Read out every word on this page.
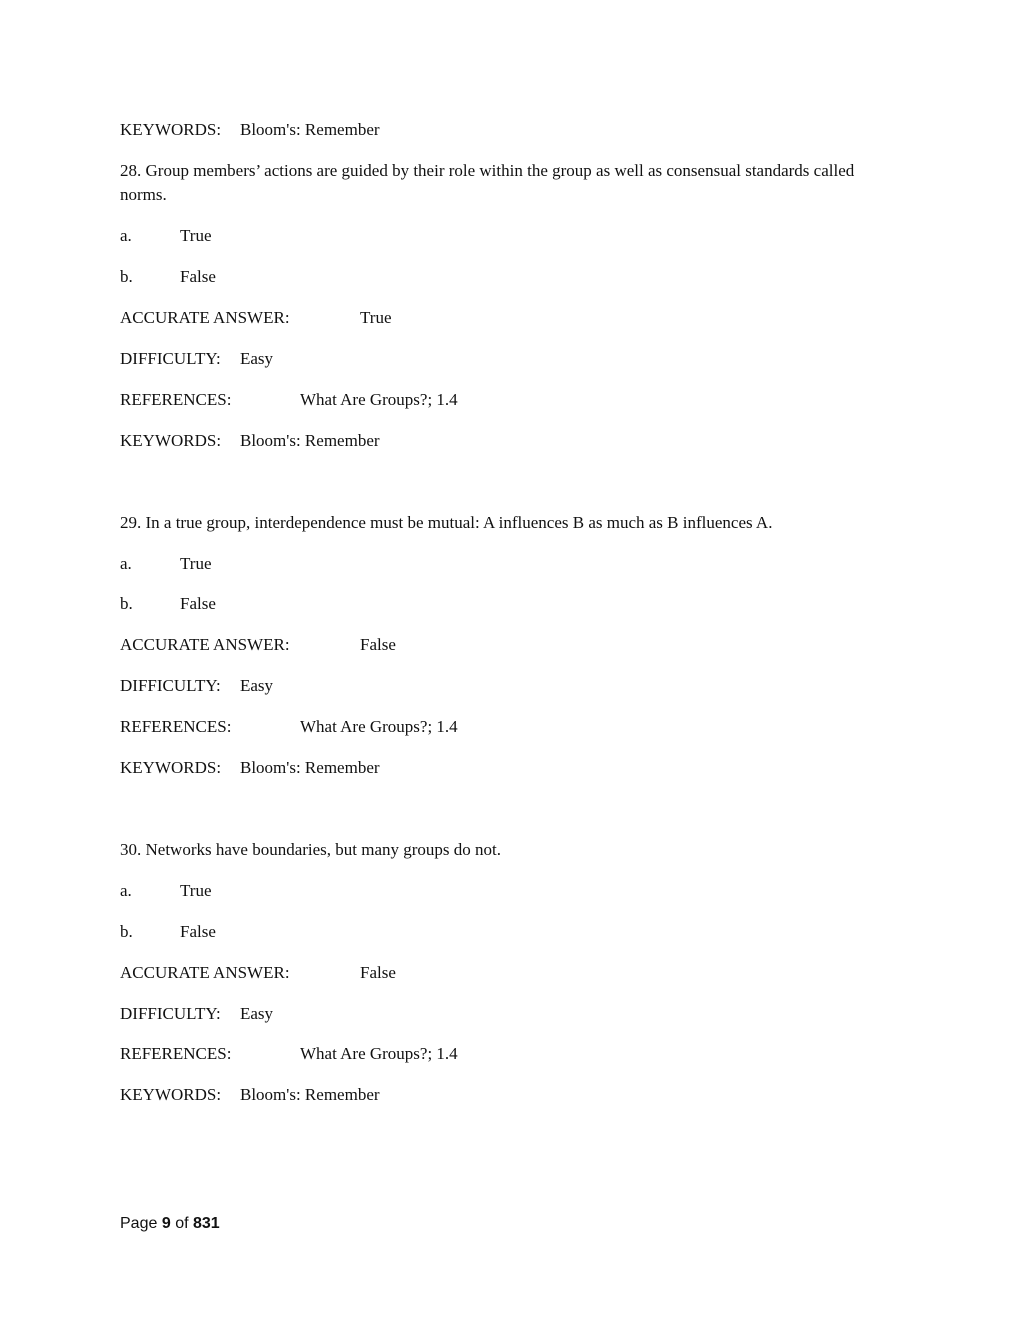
KEYWORDS: Bloom's: Remember
28. Group members’ actions are guided by their role within the group as well as consensual standards called norms.
a.	True
b.	False
ACCURATE ANSWER:	True
DIFFICULTY: Easy
REFERENCES:	What Are Groups?; 1.4
KEYWORDS: Bloom's: Remember
29. In a true group, interdependence must be mutual: A influences B as much as B influences A.
a.	True
b.	False
ACCURATE ANSWER:	False
DIFFICULTY: Easy
REFERENCES:	What Are Groups?; 1.4
KEYWORDS: Bloom's: Remember
30. Networks have boundaries, but many groups do not.
a.	True
b.	False
ACCURATE ANSWER:	False
DIFFICULTY: Easy
REFERENCES:	What Are Groups?; 1.4
KEYWORDS: Bloom's: Remember
Page 9 of 831
